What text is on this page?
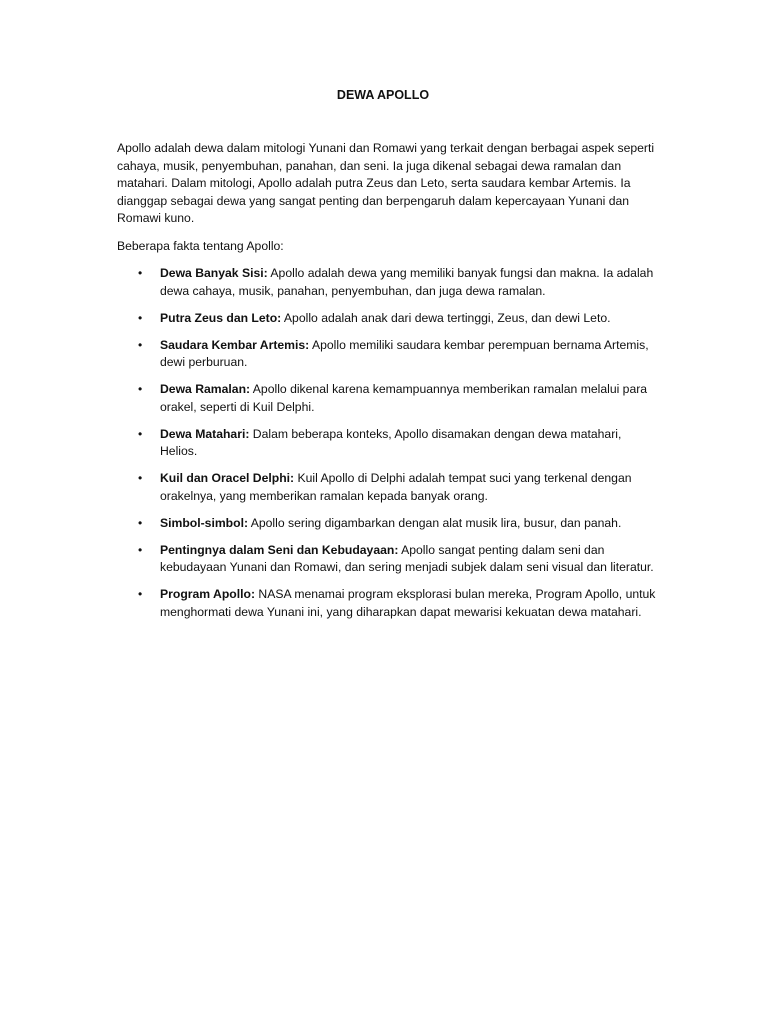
DEWA APOLLO

Apollo adalah dewa dalam mitologi Yunani dan Romawi yang terkait dengan berbagai aspek seperti cahaya, musik, penyembuhan, panahan, dan seni. Ia juga dikenal sebagai dewa ramalan dan matahari. Dalam mitologi, Apollo adalah putra Zeus dan Leto, serta saudara kembar Artemis. Ia dianggap sebagai dewa yang sangat penting dan berpengaruh dalam kepercayaan Yunani dan Romawi kuno.

Beberapa fakta tentang Apollo:

• Dewa Banyak Sisi: Apollo adalah dewa yang memiliki banyak fungsi dan makna. Ia adalah dewa cahaya, musik, panahan, penyembuhan, dan juga dewa ramalan.
• Putra Zeus dan Leto: Apollo adalah anak dari dewa tertinggi, Zeus, dan dewi Leto.
• Saudara Kembar Artemis: Apollo memiliki saudara kembar perempuan bernama Artemis, dewi perburuan.
• Dewa Ramalan: Apollo dikenal karena kemampuannya memberikan ramalan melalui para orakel, seperti di Kuil Delphi.
• Dewa Matahari: Dalam beberapa konteks, Apollo disamakan dengan dewa matahari, Helios.
• Kuil dan Oracel Delphi: Kuil Apollo di Delphi adalah tempat suci yang terkenal dengan orakelnya, yang memberikan ramalan kepada banyak orang.
• Simbol-simbol: Apollo sering digambarkan dengan alat musik lira, busur, dan panah.
• Pentingnya dalam Seni dan Kebudayaan: Apollo sangat penting dalam seni dan kebudayaan Yunani dan Romawi, dan sering menjadi subjek dalam seni visual dan literatur.
• Program Apollo: NASA menamai program eksplorasi bulan mereka, Program Apollo, untuk menghormati dewa Yunani ini, yang diharapkan dapat mewarisi kekuatan dewa matahari.
